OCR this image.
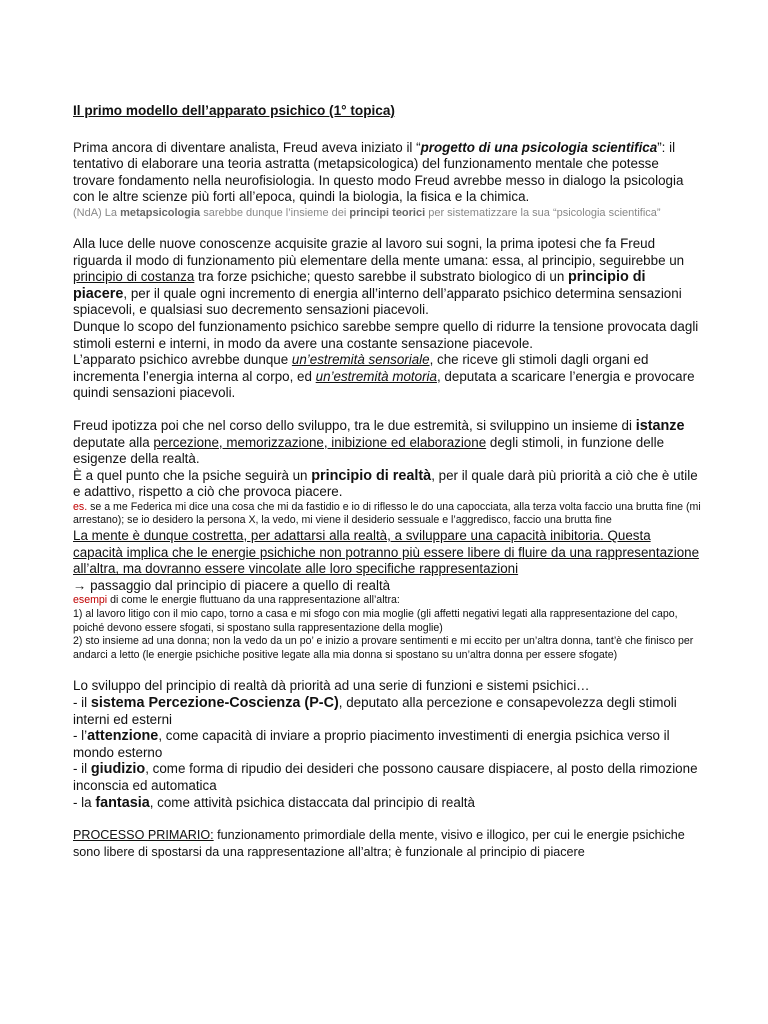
Il primo modello dell’apparato psichico (1° topica)

Prima ancora di diventare analista, Freud aveva iniziato il “progetto di una psicologia scientifica”: il tentativo di elaborare una teoria astratta (metapsicologica) del funzionamento mentale che potesse trovare fondamento nella neurofisiologia. In questo modo Freud avrebbe messo in dialogo la psicologia con le altre scienze più forti all’epoca, quindi la biologia, la fisica e la chimica.

(NdA) La metapsicologia sarebbe dunque l’insieme dei principi teorici per sistematizzare la sua “psicologia scientifica”

Alla luce delle nuove conoscenze acquisite grazie al lavoro sui sogni, la prima ipotesi che fa Freud riguarda il modo di funzionamento più elementare della mente umana: essa, al principio, seguirebbe un principio di costanza tra forze psichiche; questo sarebbe il substrato biologico di un principio di piacere, per il quale ogni incremento di energia all’interno dell’apparato psichico determina sensazioni spiacevoli, e qualsiasi suo decremento sensazioni piacevoli.

Dunque lo scopo del funzionamento psichico sarebbe sempre quello di ridurre la tensione provocata dagli stimoli esterni e interni, in modo da avere una costante sensazione piacevole.

L’apparato psichico avrebbe dunque un’estremità sensoriale, che riceve gli stimoli dagli organi ed incrementa l’energia interna al corpo, ed un’estremità motoria, deputata a scaricare l’energia e provocare quindi sensazioni piacevoli.

Freud ipotizza poi che nel corso dello sviluppo, tra le due estremità, si sviluppino un insieme di istanze deputate alla percezione, memorizzazione, inibizione ed elaborazione degli stimoli, in funzione delle esigenze della realtà.

È a quel punto che la psiche seguirà un principio di realtà, per il quale darà più priorità a ciò che è utile e adattivo, rispetto a ciò che provoca piacere.

es. se a me Federica mi dice una cosa che mi da fastidio e io di riflesso le do una capocciata, alla terza volta faccio una brutta fine (mi arrestano); se io desidero la persona X, la vedo, mi viene il desiderio sessuale e l’aggredisco, faccio una brutta fine

La mente è dunque costretta, per adattarsi alla realtà, a sviluppare una capacità inibitoria. Questa capacità implica che le energie psichiche non potranno più essere libere di fluire da una rappresentazione all’altra, ma dovranno essere vincolate alle loro specifiche rappresentazioni

→ passaggio dal principio di piacere a quello di realtà

esempi di come le energie fluttuano da una rappresentazione all’altra:

1) al lavoro litigo con il mio capo, torno a casa e mi sfogo con mia moglie (gli affetti negativi legati alla rappresentazione del capo, poiché devono essere sfogati, si spostano sulla rappresentazione della moglie)

2) sto insieme ad una donna; non la vedo da un po’ e inizio a provare sentimenti e mi eccito per un’altra donna, tant’è che finisco per andarci a letto (le energie psichiche positive legate alla mia donna si spostano su un’altra donna per essere sfogate)

Lo sviluppo del principio di realtà dà priorità ad una serie di funzioni e sistemi psichici…

- il sistema Percezione-Coscienza (P-C), deputato alla percezione e consapevolezza degli stimoli interni ed esterni

- l’attenzione, come capacità di inviare a proprio piacimento investimenti di energia psichica verso il mondo esterno

- il giudizio, come forma di ripudio dei desideri che possono causare dispiacere, al posto della rimozione inconscia ed automatica

- la fantasia, come attività psichica distaccata dal principio di realtà

PROCESSO PRIMARIO: funzionamento primordiale della mente, visivo e illogico, per cui le energie psichiche sono libere di spostarsi da una rappresentazione all’altra; è funzionale al principio di piacere
